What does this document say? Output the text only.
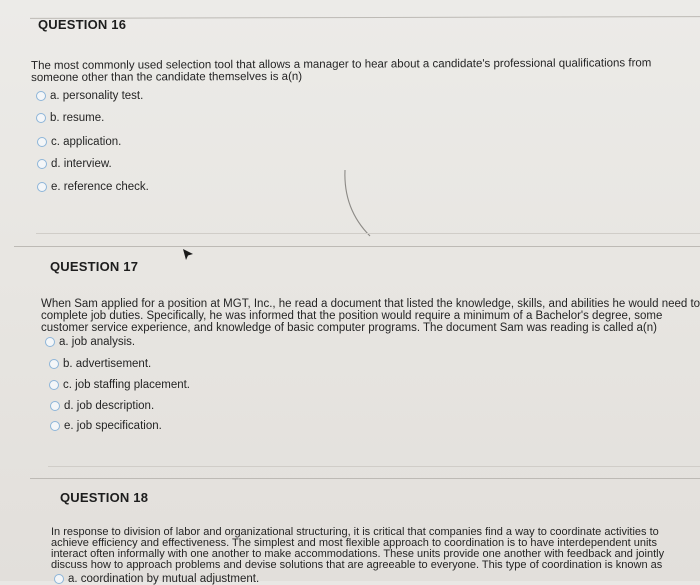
QUESTION 16
The most commonly used selection tool that allows a manager to hear about a candidate's professional qualifications from
someone other than the candidate themselves is a(n)
a. personality test.
b. resume.
c. application.
d. interview.
e. reference check.
QUESTION 17
When Sam applied for a position at MGT, Inc., he read a document that listed the knowledge, skills, and abilities he would need to
complete job duties. Specifically, he was informed that the position would require a minimum of a Bachelor's degree, some
customer service experience, and knowledge of basic computer programs. The document Sam was reading is called a(n)
a. job analysis.
b. advertisement.
c. job staffing placement.
d. job description.
e. job specification.
QUESTION 18
In response to division of labor and organizational structuring, it is critical that companies find a way to coordinate activities to
achieve efficiency and effectiveness. The simplest and most flexible approach to coordination is to have interdependent units
interact often informally with one another to make accommodations. These units provide one another with feedback and jointly
discuss how to approach problems and devise solutions that are agreeable to everyone. This type of coordination is known as
a. coordination by mutual adjustment.
